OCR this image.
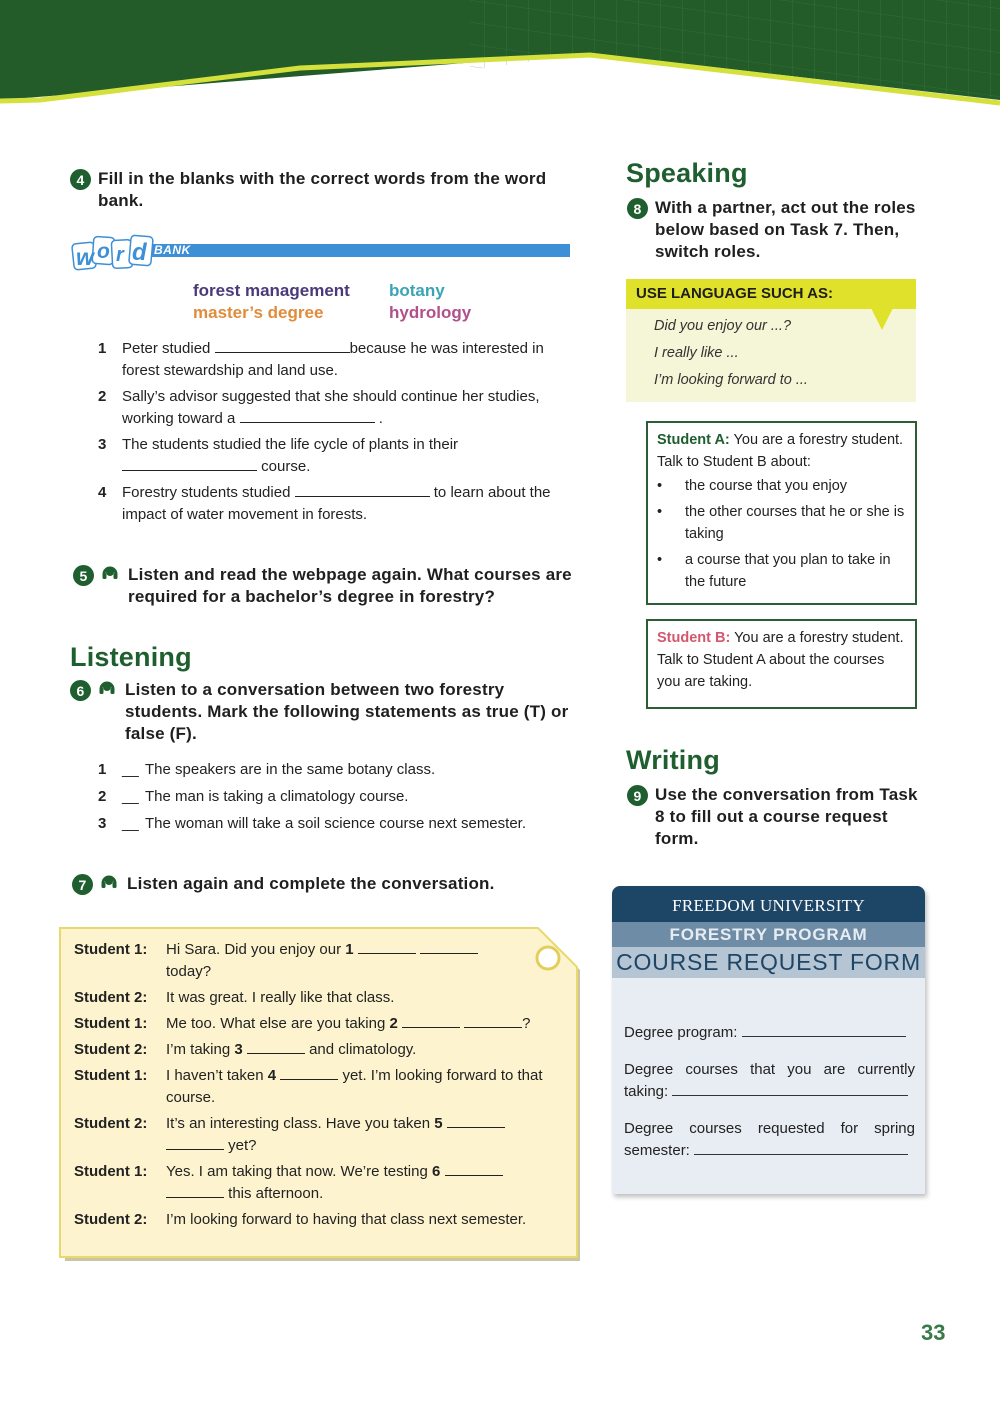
4 Fill in the blanks with the correct words from the word bank.
w o r d BANK
forest management	botany
master’s degree	hydrology
1	Peter studied	because he was interested in forest stewardship and land use.
2	Sally’s advisor suggested that she should continue her studies, working toward a	.
3	The students studied the life cycle of plants in their
course.
4	Forestry students studied	to learn about the impact of water movement in forests.
5	Listen and read the webpage again. What courses are required for a bachelor’s degree in forestry?
Listening
6	Listen to a conversation between two forestry students. Mark the following statements as true (T) or false (F).
1	__ The speakers are in the same botany class.
2	__ The man is taking a climatology course.
3	__ The woman will take a soil science course next semester.
7	Listen again and complete the conversation.
Student 1:	Hi Sara. Did you enjoy our 1
today?
Student 2:	It was great. I really like that class.
Student 1:	Me too. What else are you taking 2	?
Student 2:	I’m taking 3	and climatology.
Student 1:	I haven’t taken 4	yet. I’m looking forward to that course.
Student 2:	It’s an interesting class. Have you taken 5
yet?
Student 1:	Yes. I am taking that now. We’re testing 6
this afternoon.
Student 2:	I’m looking forward to having that class next semester.
Speaking
8 With a partner, act out the roles below based on Task 7. Then, switch roles.
USE LANGUAGE SUCH AS:
Did you enjoy our ...?
I really like ...
I’m looking forward to ...
Student A: You are a forestry student. Talk to Student B about:
•	the course that you enjoy
•	the other courses that he or she is taking
•	a course that you plan to take in the future
Student B: You are a forestry student. Talk to Student A about the courses you are taking.
Writing
9 Use the conversation from Task 8 to fill out a course request form.
FREEDOM UNIVERSITY
FORESTRY PROGRAM
COURSE REQUEST FORM
Degree program:
Degree courses that you are currently taking:
Degree courses requested for spring semester:
33
